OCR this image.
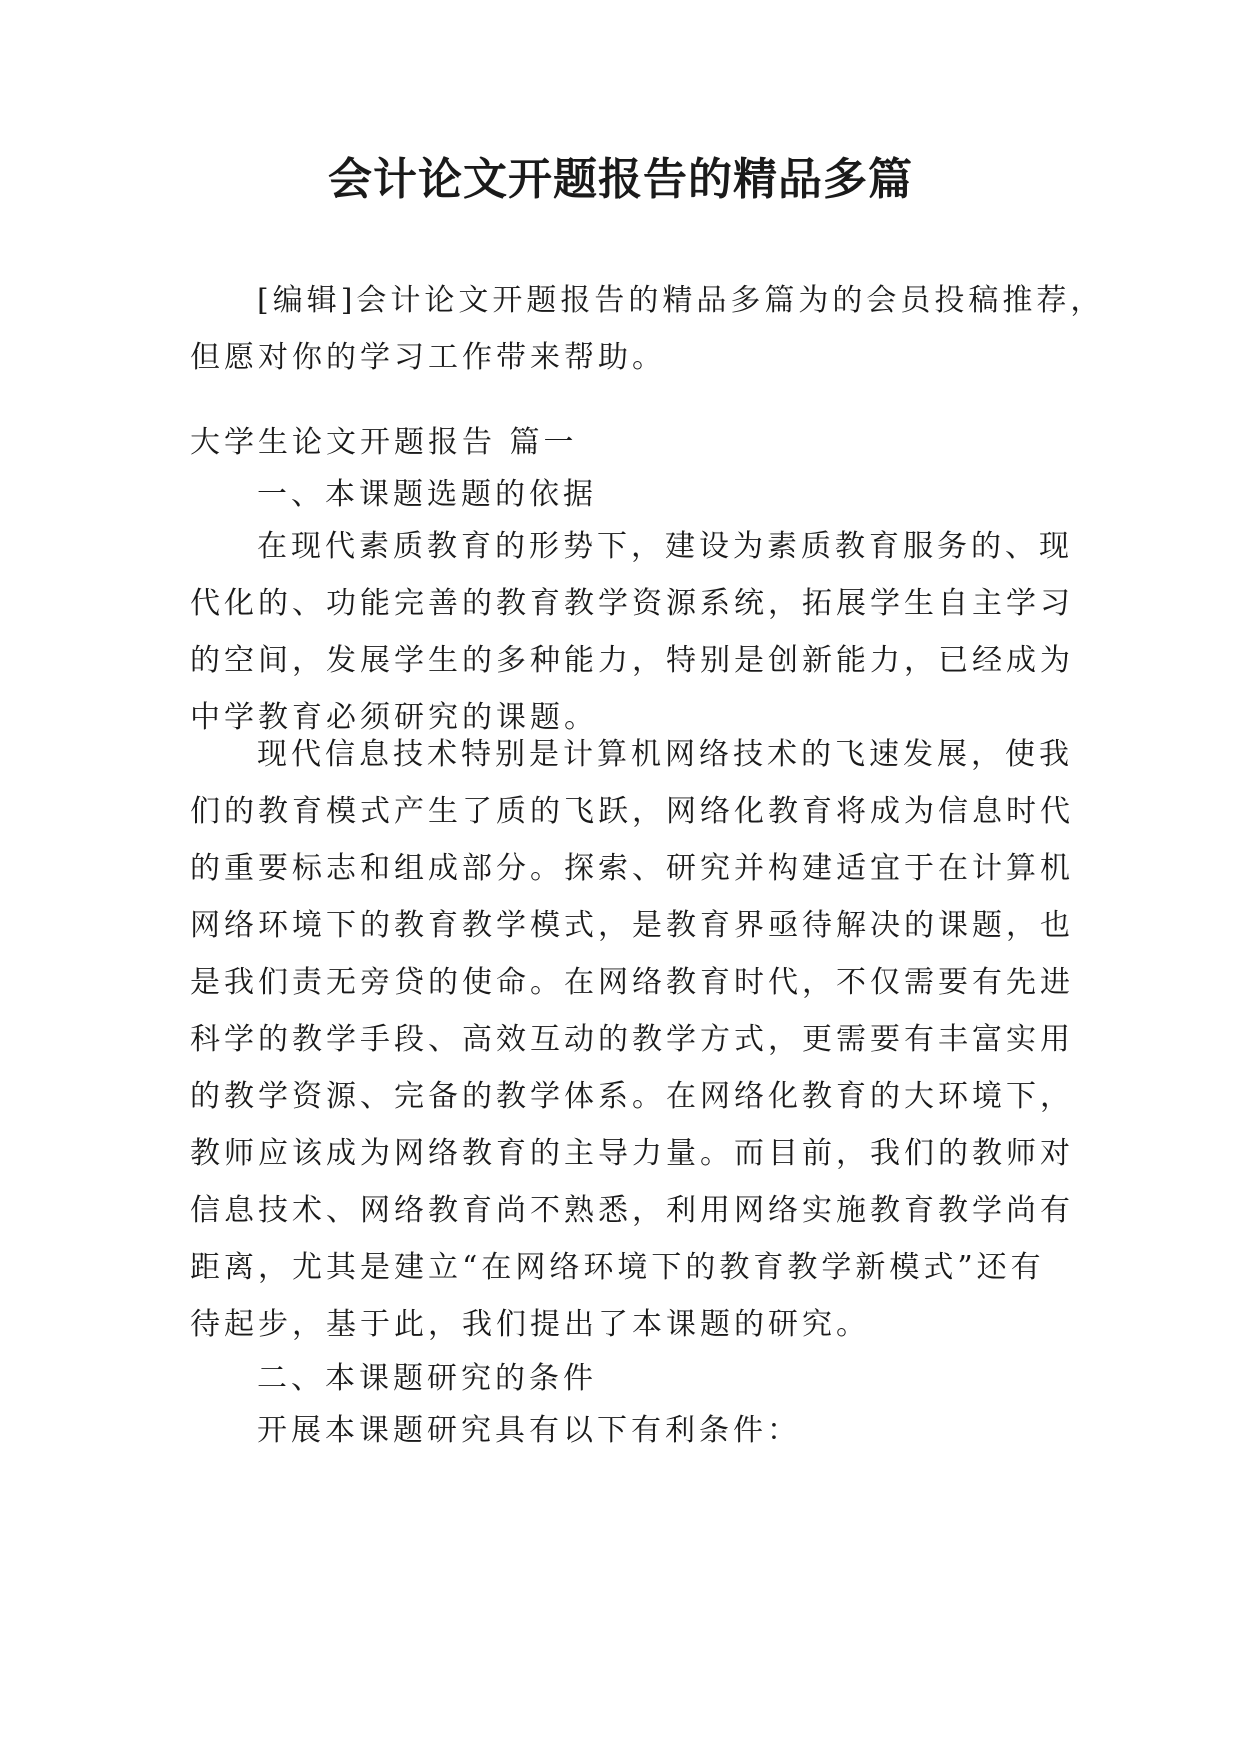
会计论文开题报告的精品多篇
[编辑]会计论文开题报告的精品多篇为的会员投稿推荐，
但愿对你的学习工作带来帮助。
大学生论文开题报告 篇一
一、本课题选题的依据
在现代素质教育的形势下，建设为素质教育服务的、现
代化的、功能完善的教育教学资源系统，拓展学生自主学习
的空间，发展学生的多种能力，特别是创新能力，已经成为
中学教育必须研究的课题。
现代信息技术特别是计算机网络技术的飞速发展，使我
们的教育模式产生了质的飞跃，网络化教育将成为信息时代
的重要标志和组成部分。探索、研究并构建适宜于在计算机
网络环境下的教育教学模式，是教育界亟待解决的课题，也
是我们责无旁贷的使命。在网络教育时代，不仅需要有先进
科学的教学手段、高效互动的教学方式，更需要有丰富实用
的教学资源、完备的教学体系。在网络化教育的大环境下，
教师应该成为网络教育的主导力量。而目前，我们的教师对
信息技术、网络教育尚不熟悉，利用网络实施教育教学尚有
距离，尤其是建立“在网络环境下的教育教学新模式”还有
待起步，基于此，我们提出了本课题的研究。
二、本课题研究的条件
开展本课题研究具有以下有利条件：
